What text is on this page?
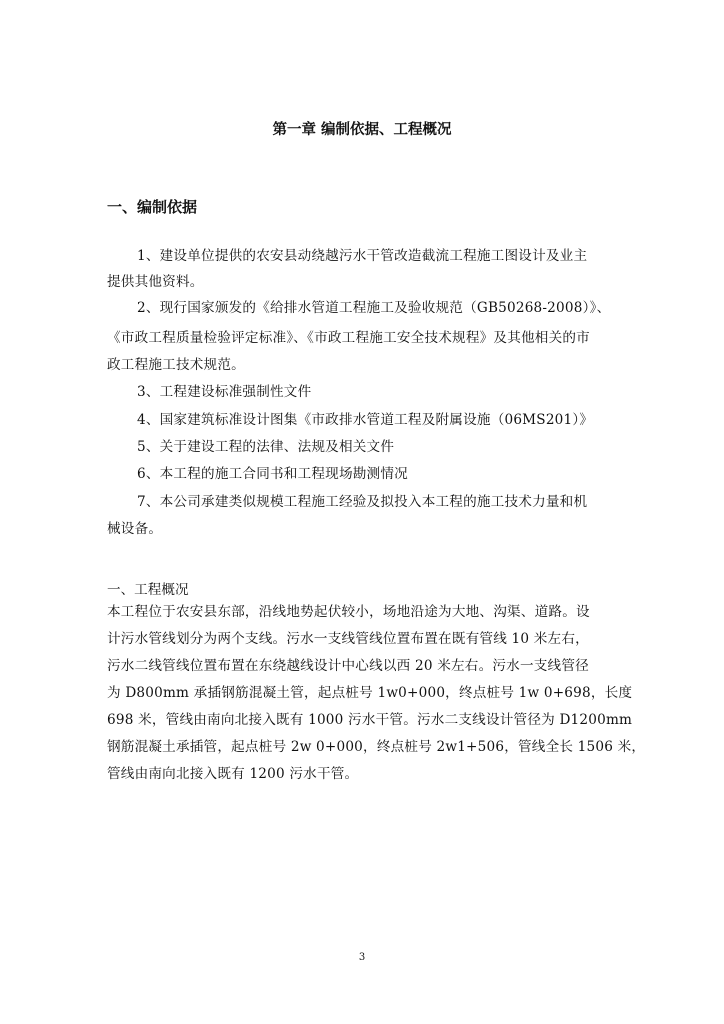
第一章 编制依据、工程概况
一、编制依据
1、建设单位提供的农安县动绕越污水干管改造截流工程施工图设计及业主
提供其他资料。
2、现行国家颁发的《给排水管道工程施工及验收规范（GB50268-2008）》、
《市政工程质量检验评定标准》、《市政工程施工安全技术规程》及其他相关的市
政工程施工技术规范。
3、工程建设标准强制性文件
4、国家建筑标准设计图集《市政排水管道工程及附属设施（06MS201）》
5、关于建设工程的法律、法规及相关文件
6、本工程的施工合同书和工程现场勘测情况
7、本公司承建类似规模工程施工经验及拟投入本工程的施工技术力量和机
械设备。
一、工程概况
本工程位于农安县东部，沿线地势起伏较小，场地沿途为大地、沟渠、道路。设
计污水管线划分为两个支线。污水一支线管线位置布置在既有管线 10 米左右，
污水二线管线位置布置在东绕越线设计中心线以西 20 米左右。污水一支线管径
为 D800mm 承插钢筋混凝土管，起点桩号 1w0+000，终点桩号 1w 0+698，长度
698 米，管线由南向北接入既有 1000 污水干管。污水二支线设计管径为 D1200mm
钢筋混凝土承插管，起点桩号 2w 0+000，终点桩号 2w1+506，管线全长 1506 米，
管线由南向北接入既有 1200 污水干管。
3
